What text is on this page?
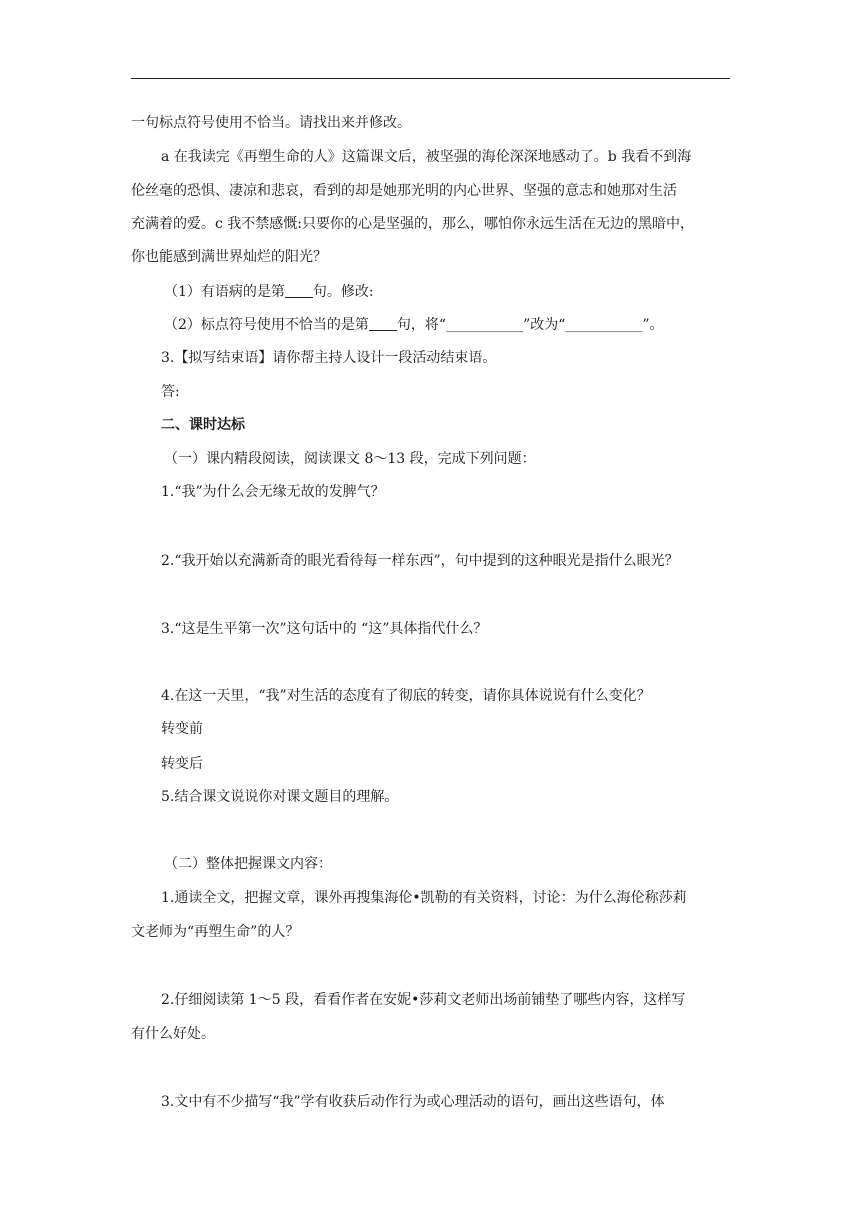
一句标点符号使用不恰当。请找出来并修改。
a 在我读完《再塑生命的人》这篇课文后，被坚强的海伦深深地感动了。b 我看不到海
伦丝毫的恐惧、凄凉和悲哀，看到的却是她那光明的内心世界、坚强的意志和她那对生活
充满着的爱。c 我不禁感慨:只要你的心是坚强的，那么，哪怕你永远生活在无边的黑暗中，
你也能感到满世界灿烂的阳光？
（1）有语病的是第 句。修改:
（2）标点符号使用不恰当的是第 句，将“___________”改为“___________”。
3.【拟写结束语】请你帮主持人设计一段活动结束语。
答:
二、课时达标
（一）课内精段阅读，阅读课文 8～13 段，完成下列问题：
1.“我”为什么会无缘无故的发脾气？
2.“我开始以充满新奇的眼光看待每一样东西”，句中提到的这种眼光是指什么眼光？
3.“这是生平第一次”这句话中的 “这”具体指代什么？
4.在这一天里，“我”对生活的态度有了彻底的转变，请你具体说说有什么变化？
转变前
转变后
5.结合课文说说你对课文题目的理解。
（二）整体把握课文内容：
1.通读全文，把握文章，课外再搜集海伦•凯勒的有关资料，讨论：为什么海伦称莎莉
文老师为“再塑生命”的人？
2.仔细阅读第 1～5 段，看看作者在安妮•莎莉文老师出场前铺垫了哪些内容，这样写
有什么好处。
3.文中有不少描写“我”学有收获后动作行为或心理活动的语句，画出这些语句，体
